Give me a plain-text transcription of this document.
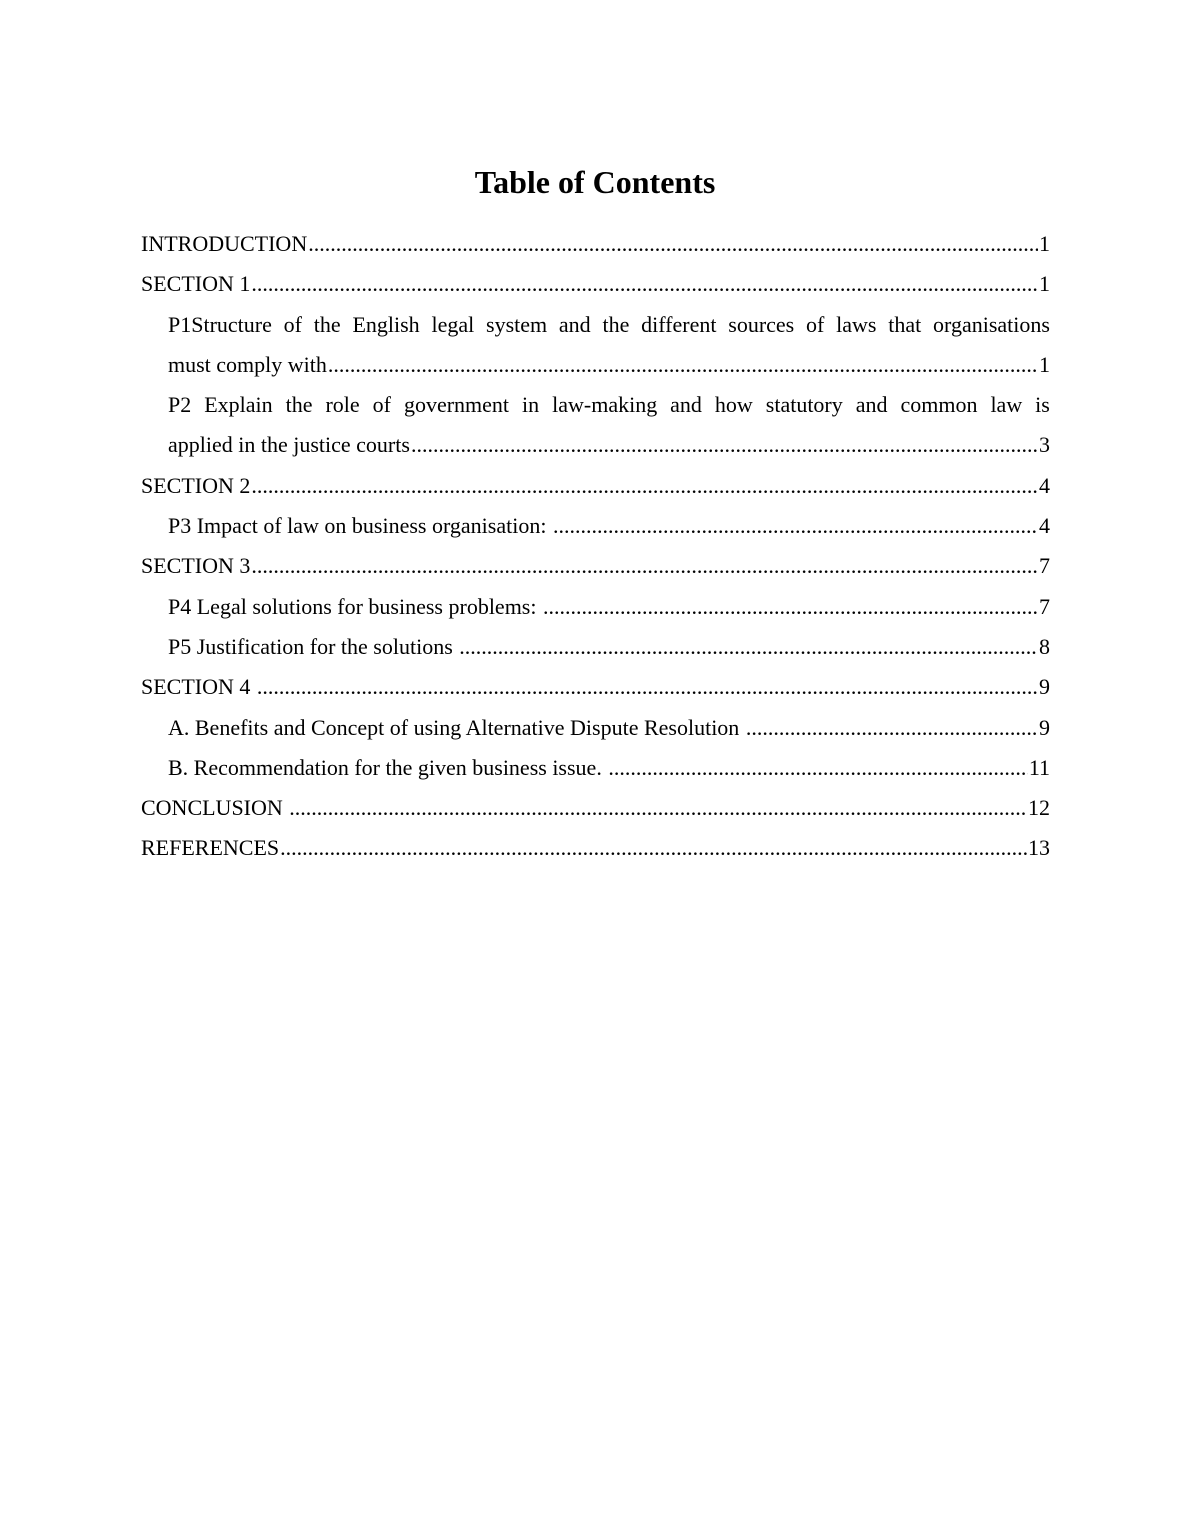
Table of Contents
INTRODUCTION .....	1
SECTION 1 .....	1
P1Structure of the English legal system and the different sources of laws that organisations
must comply with .....	1
P2 Explain the role of government in law-making and how statutory and common law is
applied in the justice courts .....	3
SECTION 2 .....	4
P3 Impact of law on business organisation: .....	4
SECTION 3 .....	7
P4 Legal solutions for business problems: .....	7
P5 Justification for the solutions .....	8
SECTION 4 .....	9
A. Benefits and Concept of using Alternative Dispute Resolution .....	9
B. Recommendation for the given business issue. .....	11
CONCLUSION .....	12
REFERENCES .....	13
